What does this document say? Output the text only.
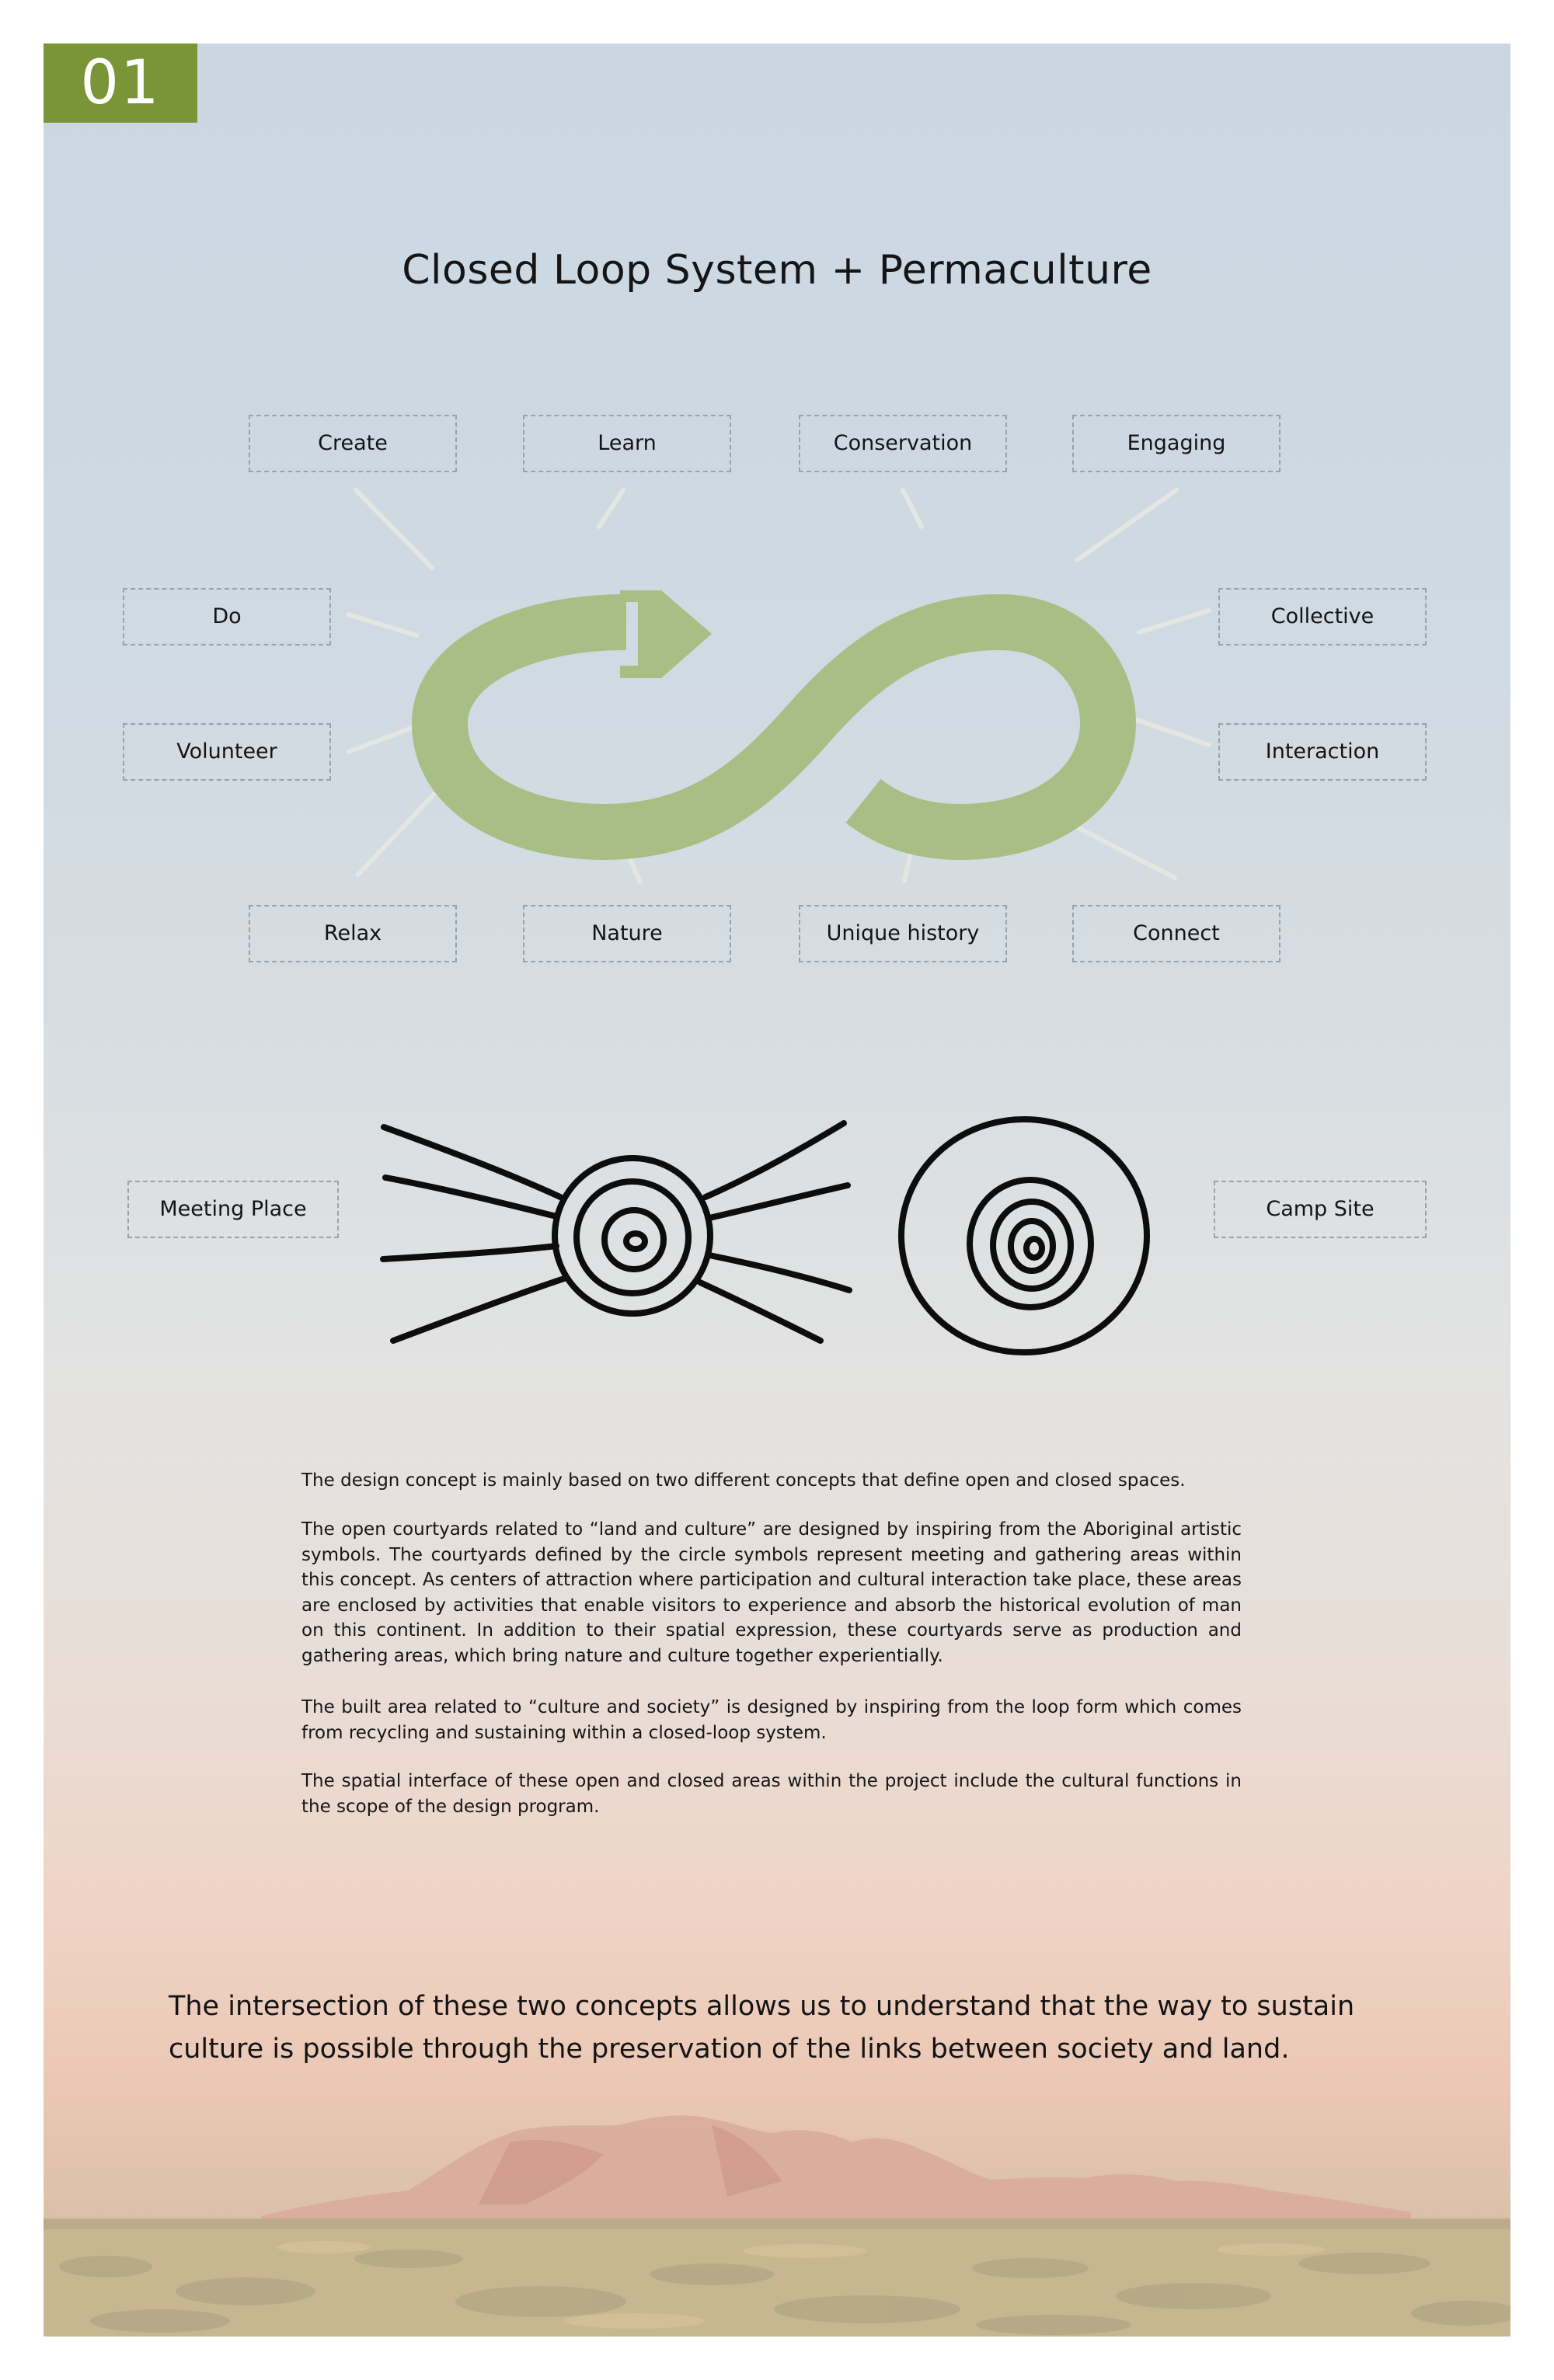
01
Closed Loop System + Permaculture
Create	Learn	Conservation	Engaging
Do	Collective
Volunteer	Interaction
Relax	Nature	Unique history	Connect
Meeting Place	Camp Site
The design concept is mainly based on two different concepts that define open and closed spaces.
The open courtyards related to “land and culture” are designed by inspiring from the Aboriginal artistic symbols. The courtyards defined by the circle symbols represent meeting and gathering areas within this concept. As centers of attraction where participation and cultural interaction take place, these areas are enclosed by activities that enable visitors to experience and absorb the historical evolution of man on this continent. In addition to their spatial expression, these courtyards serve as production and gathering areas, which bring nature and culture together experientially.
The built area related to “culture and society” is designed by inspiring from the loop form which comes from recycling and sustaining within a closed-loop system.
The spatial interface of these open and closed areas within the project include the cultural functions in the scope of the design program.
The intersection of these two concepts allows us to understand that the way to sustain culture is possible through the preservation of the links between society and land.
